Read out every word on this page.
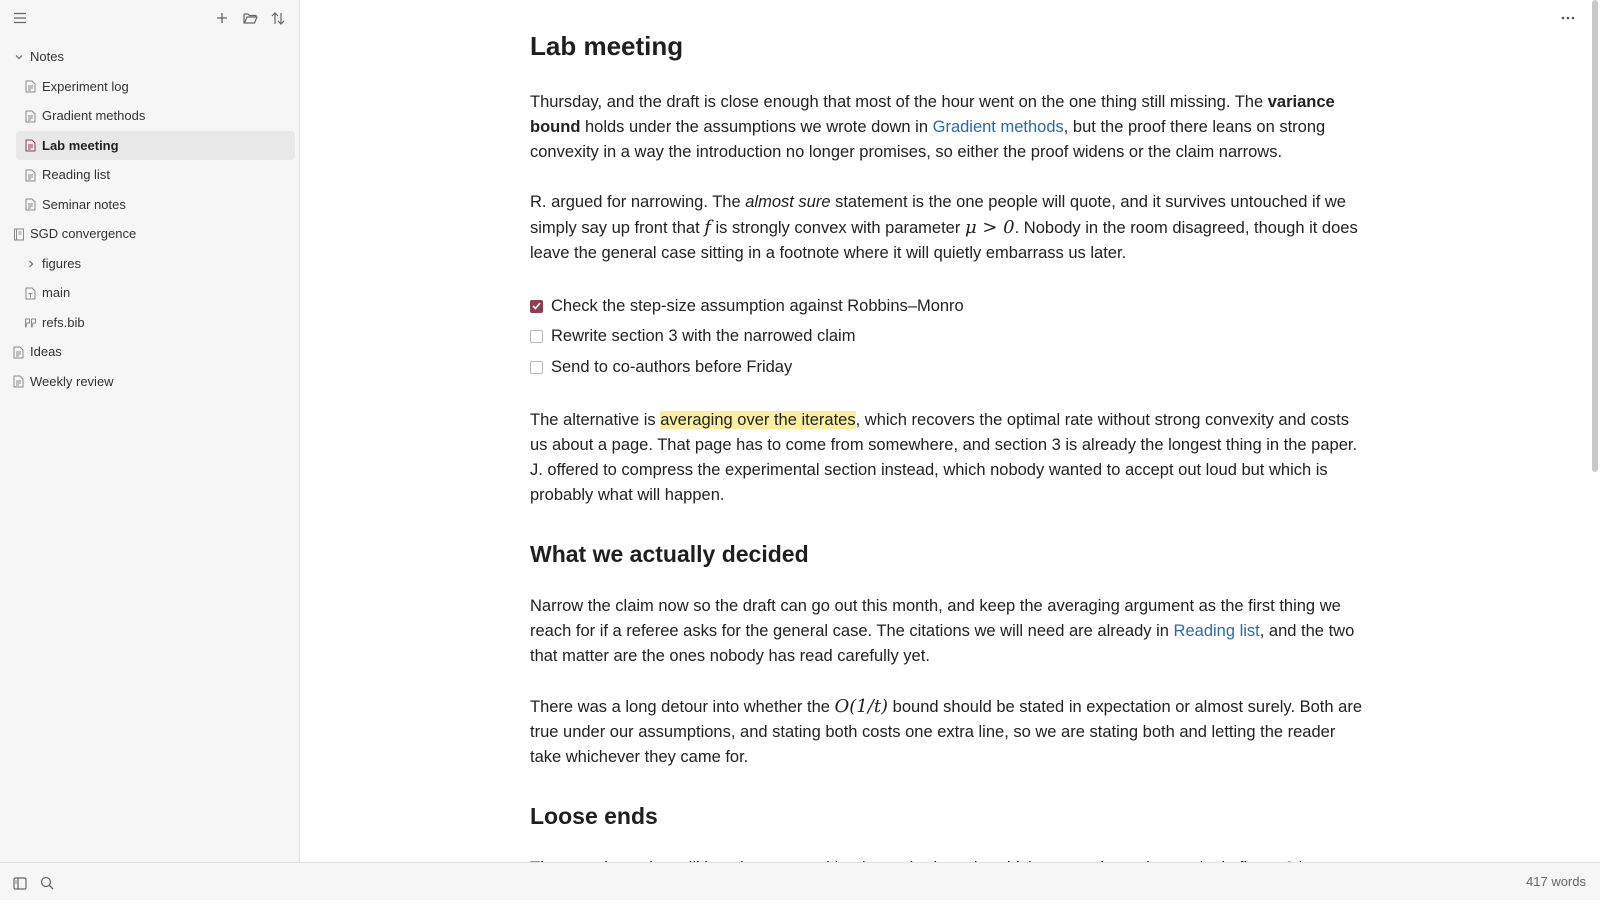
Notes
Experiment log
Gradient methods
Lab meeting
Reading list
Seminar notes
SGD convergence
figures
main
refs.bib
Ideas
Weekly review
Lab meeting

Thursday, and the draft is close enough that most of the hour went on the one thing still missing. The variance bound holds under the assumptions we wrote down in Gradient methods, but the proof there leans on strong convexity in a way the introduction no longer promises, so either the proof widens or the claim narrows.

R. argued for narrowing. The almost sure statement is the one people will quote, and it survives untouched if we simply say up front that f is strongly convex with parameter μ > 0. Nobody in the room disagreed, though it does leave the general case sitting in a footnote where it will quietly embarrass us later.

Check the step-size assumption against Robbins–Monro
Rewrite section 3 with the narrowed claim
Send to co-authors before Friday

The alternative is averaging over the iterates, which recovers the optimal rate without strong convexity and costs us about a page. That page has to come from somewhere, and section 3 is already the longest thing in the paper. J. offered to compress the experimental section instead, which nobody wanted to accept out loud but which is probably what will happen.

What we actually decided

Narrow the claim now so the draft can go out this month, and keep the averaging argument as the first thing we reach for if a referee asks for the general case. The citations we will need are already in Reading list, and the two that matter are the ones nobody has read carefully yet.

There was a long detour into whether the O(1/t) bound should be stated in expectation or almost surely. Both are true under our assumptions, and stating both costs one extra line, so we are stating both and letting the reader take whichever they came for.

Loose ends

417 words
